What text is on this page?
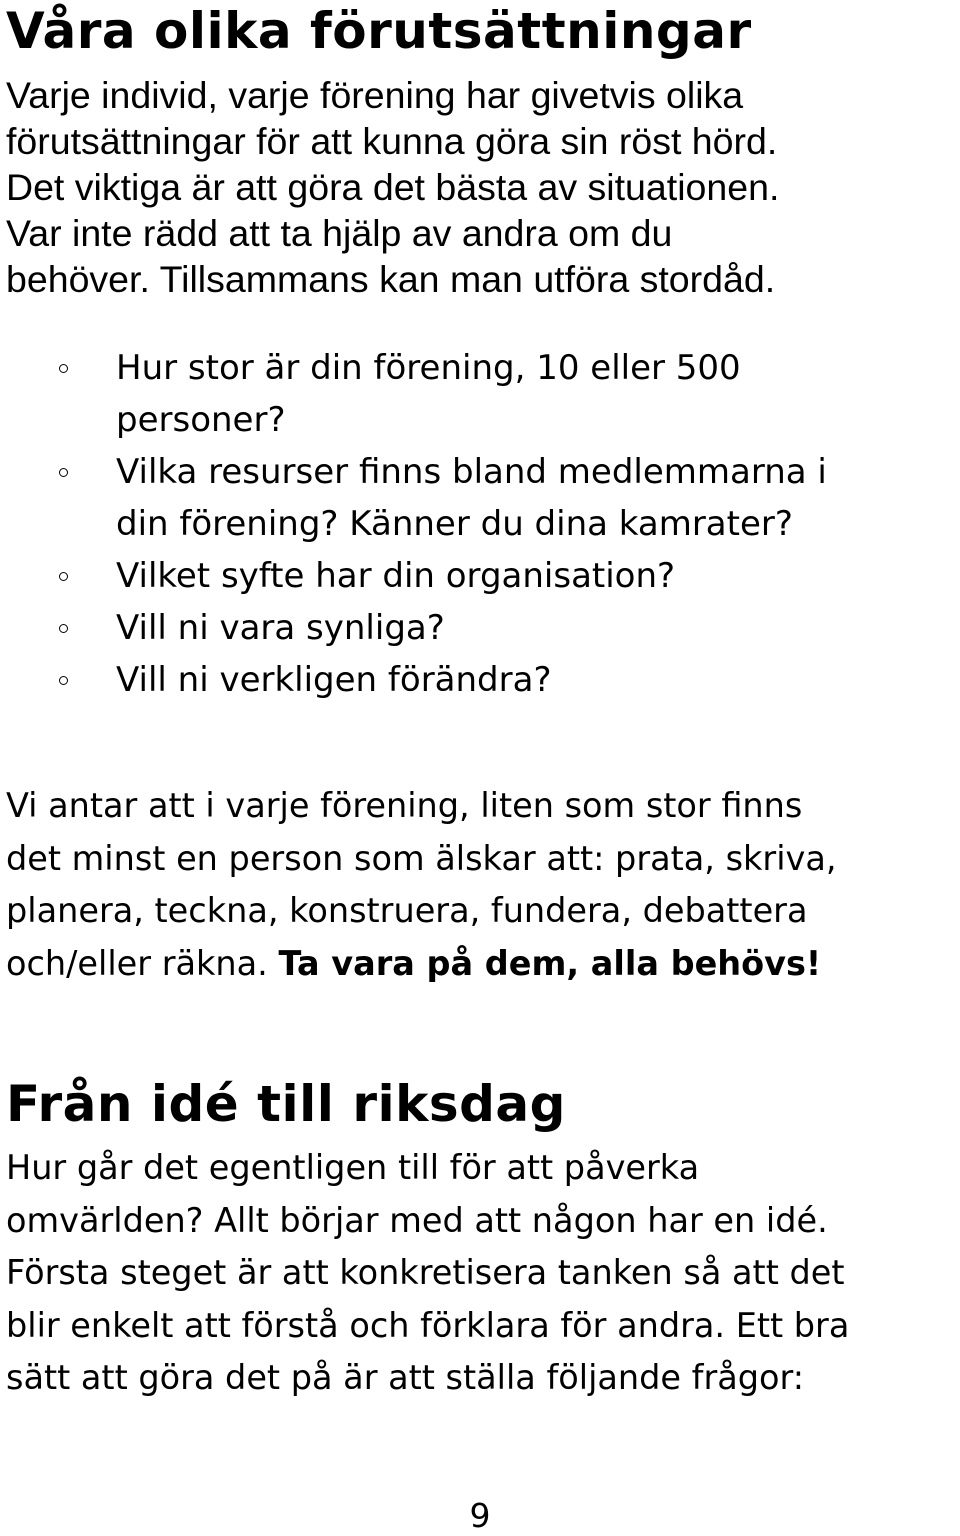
Våra olika förutsättningar

Varje individ, varje förening har givetvis olika
förutsättningar för att kunna göra sin röst hörd.
Det viktiga är att göra det bästa av situationen.
Var inte rädd att ta hjälp av andra om du
behöver. Tillsammans kan man utföra stordåd.

Hur stor är din förening, 10 eller 500
personer?
Vilka resurser finns bland medlemmarna i
din förening? Känner du dina kamrater?
Vilket syfte har din organisation?
Vill ni vara synliga?
Vill ni verkligen förändra?

Vi antar att i varje förening, liten som stor finns
det minst en person som älskar att: prata, skriva,
planera, teckna, konstruera, fundera, debattera
och/eller räkna. Ta vara på dem, alla behövs!

Från idé till riksdag

Hur går det egentligen till för att påverka
omvärlden? Allt börjar med att någon har en idé.
Första steget är att konkretisera tanken så att det
blir enkelt att förstå och förklara för andra. Ett bra
sätt att göra det på är att ställa följande frågor:

9
